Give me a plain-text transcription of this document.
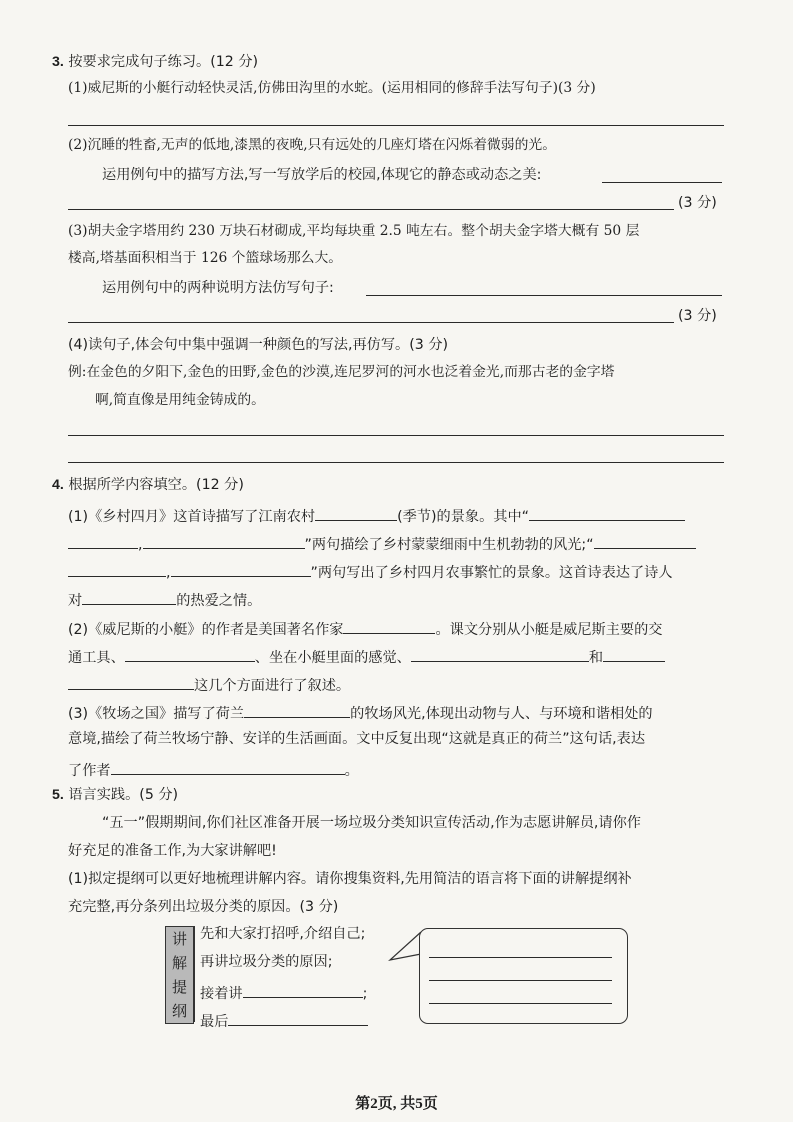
3. 按要求完成句子练习。(12 分)
(1)威尼斯的小艇行动轻快灵活,仿佛田沟里的水蛇。(运用相同的修辞手法写句子)(3 分)
(2)沉睡的牲畜,无声的低地,漆黑的夜晚,只有远处的几座灯塔在闪烁着微弱的光。
运用例句中的描写方法,写一写放学后的校园,体现它的静态或动态之美:
(3 分)
(3)胡夫金字塔用约 230 万块石材砌成,平均每块重 2.5 吨左右。整个胡夫金字塔大概有 50 层
楼高,塔基面积相当于 126 个篮球场那么大。
运用例句中的两种说明方法仿写句子:
(3 分)
(4)读句子,体会句中集中强调一种颜色的写法,再仿写。(3 分)
例:在金色的夕阳下,金色的田野,金色的沙漠,连尼罗河的河水也泛着金光,而那古老的金字塔
啊,简直像是用纯金铸成的。
4. 根据所学内容填空。(12 分)
(1)《乡村四月》这首诗描写了江南农村	(季节)的景象。其中“
,	”两句描绘了乡村蒙蒙细雨中生机勃勃的风光;“
,	”两句写出了乡村四月农事繁忙的景象。这首诗表达了诗人
对	的热爱之情。
(2)《威尼斯的小艇》的作者是美国著名作家	。课文分别从小艇是威尼斯主要的交
通工具、	、坐在小艇里面的感觉、	和
这几个方面进行了叙述。
(3)《牧场之国》描写了荷兰	的牧场风光,体现出动物与人、与环境和谐相处的
意境,描绘了荷兰牧场宁静、安详的生活画面。文中反复出现“这就是真正的荷兰”这句话,表达
了作者	。
5. 语言实践。(5 分)
“五一”假期期间,你们社区准备开展一场垃圾分类知识宣传活动,作为志愿讲解员,请你作
好充足的准备工作,为大家讲解吧!
(1)拟定提纲可以更好地梳理讲解内容。请你搜集资料,先用简洁的语言将下面的讲解提纲补
充完整,再分条列出垃圾分类的原因。(3 分)
讲
解
提
纲
先和大家打招呼,介绍自己;
再讲垃圾分类的原因;
接着讲	;
最后
第2页, 共5页
